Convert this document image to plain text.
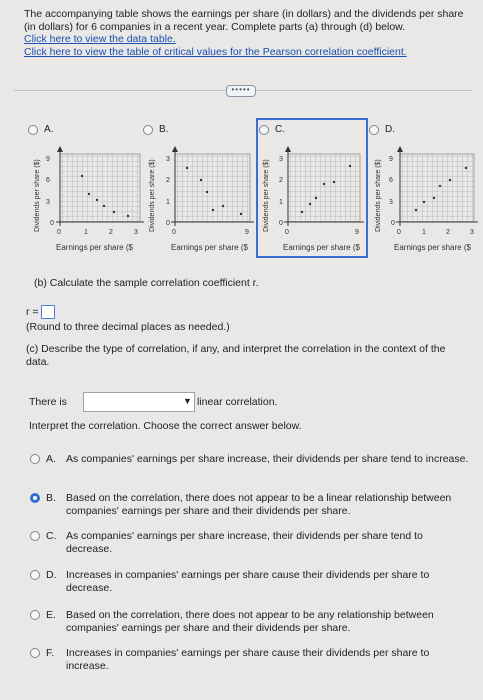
The accompanying table shows the earnings per share (in dollars) and the dividends per share (in dollars) for 6 companies in a recent year. Complete parts (a) through (d) below.
Click here to view the data table.
Click here to view the table of critical values for the Pearson correlation coefficient.
•••••
A.
Dividends per share ($) 9
6
3
0
0	1	2	3
Earnings per share ($
B.
Dividends per share ($) 3
2
1
0
0	9
Earnings per share ($
C.
Dividends per share ($) 3
2
1
0
0	9
Earnings per share ($
D.
Dividends per share ($) 9
6
3
0
0	1	2	3
Earnings per share ($
(b) Calculate the sample correlation coefficient r.
r =
(Round to three decimal places as needed.)
(c) Describe the type of correlation, if any, and interpret the correlation in the context of the data.
There is	▼ linear correlation.
Interpret the correlation. Choose the correct answer below.
A. As companies' earnings per share increase, their dividends per share tend to increase.
B. Based on the correlation, there does not appear to be a linear relationship between companies' earnings per share and their dividends per share.
C. As companies' earnings per share increase, their dividends per share tend to decrease.
D. Increases in companies' earnings per share cause their dividends per share to decrease.
E. Based on the correlation, there does not appear to be any relationship between companies' earnings per share and their dividends per share.
F.	Increases in companies' earnings per share cause their dividends per share to increase.
